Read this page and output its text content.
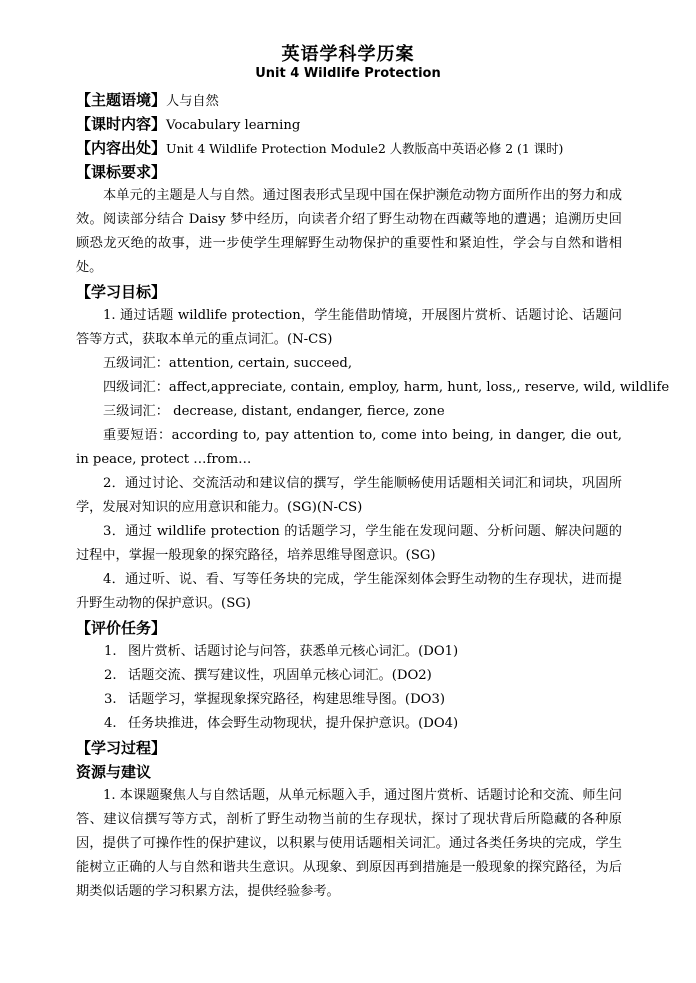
英语学科学历案
Unit 4 Wildlife Protection
【主题语境】人与自然
【课时内容】Vocabulary learning
【内容出处】Unit 4 Wildlife Protection Module2 人教版高中英语必修 2 (1 课时)
【课标要求】
本单元的主题是人与自然。通过图表形式呈现中国在保护濒危动物方面所作出的努力和成效。阅读部分结合 Daisy 梦中经历，向读者介绍了野生动物在西藏等地的遭遇；追溯历史回顾恐龙灭绝的故事，进一步使学生理解野生动物保护的重要性和紧迫性，学会与自然和谐相处。
【学习目标】
1. 通过话题 wildlife protection，学生能借助情境，开展图片赏析、话题讨论、话题问答等方式，获取本单元的重点词汇。(N-CS)
五级词汇：attention, certain, succeed,
四级词汇：affect,appreciate, contain, employ, harm, hunt, loss,, reserve, wild, wildlife
三级词汇： decrease, distant, endanger, fierce, zone
重要短语：according to, pay attention to, come into being, in danger, die out, in peace, protect …from…
2．通过讨论、交流活动和建议信的撰写，学生能顺畅使用话题相关词汇和词块，巩固所学，发展对知识的应用意识和能力。(SG)(N-CS)
3．通过 wildlife protection 的话题学习，学生能在发现问题、分析问题、解决问题的过程中，掌握一般现象的探究路径，培养思维导图意识。(SG)
4．通过听、说、看、写等任务块的完成，学生能深刻体会野生动物的生存现状，进而提升野生动物的保护意识。(SG)
【评价任务】
1. 图片赏析、话题讨论与问答，获悉单元核心词汇。(DO1)
2. 话题交流、撰写建议性，巩固单元核心词汇。(DO2)
3. 话题学习，掌握现象探究路径，构建思维导图。(DO3)
4. 任务块推进，体会野生动物现状，提升保护意识。(DO4)
【学习过程】
资源与建议
1. 本课题聚焦人与自然话题，从单元标题入手，通过图片赏析、话题讨论和交流、师生问答、建议信撰写等方式，剖析了野生动物当前的生存现状，探讨了现状背后所隐藏的各种原因，提供了可操作性的保护建议，以积累与使用话题相关词汇。通过各类任务块的完成，学生能树立正确的人与自然和谐共生意识。从现象、到原因再到措施是一般现象的探究路径，为后期类似话题的学习积累方法，提供经验参考。
